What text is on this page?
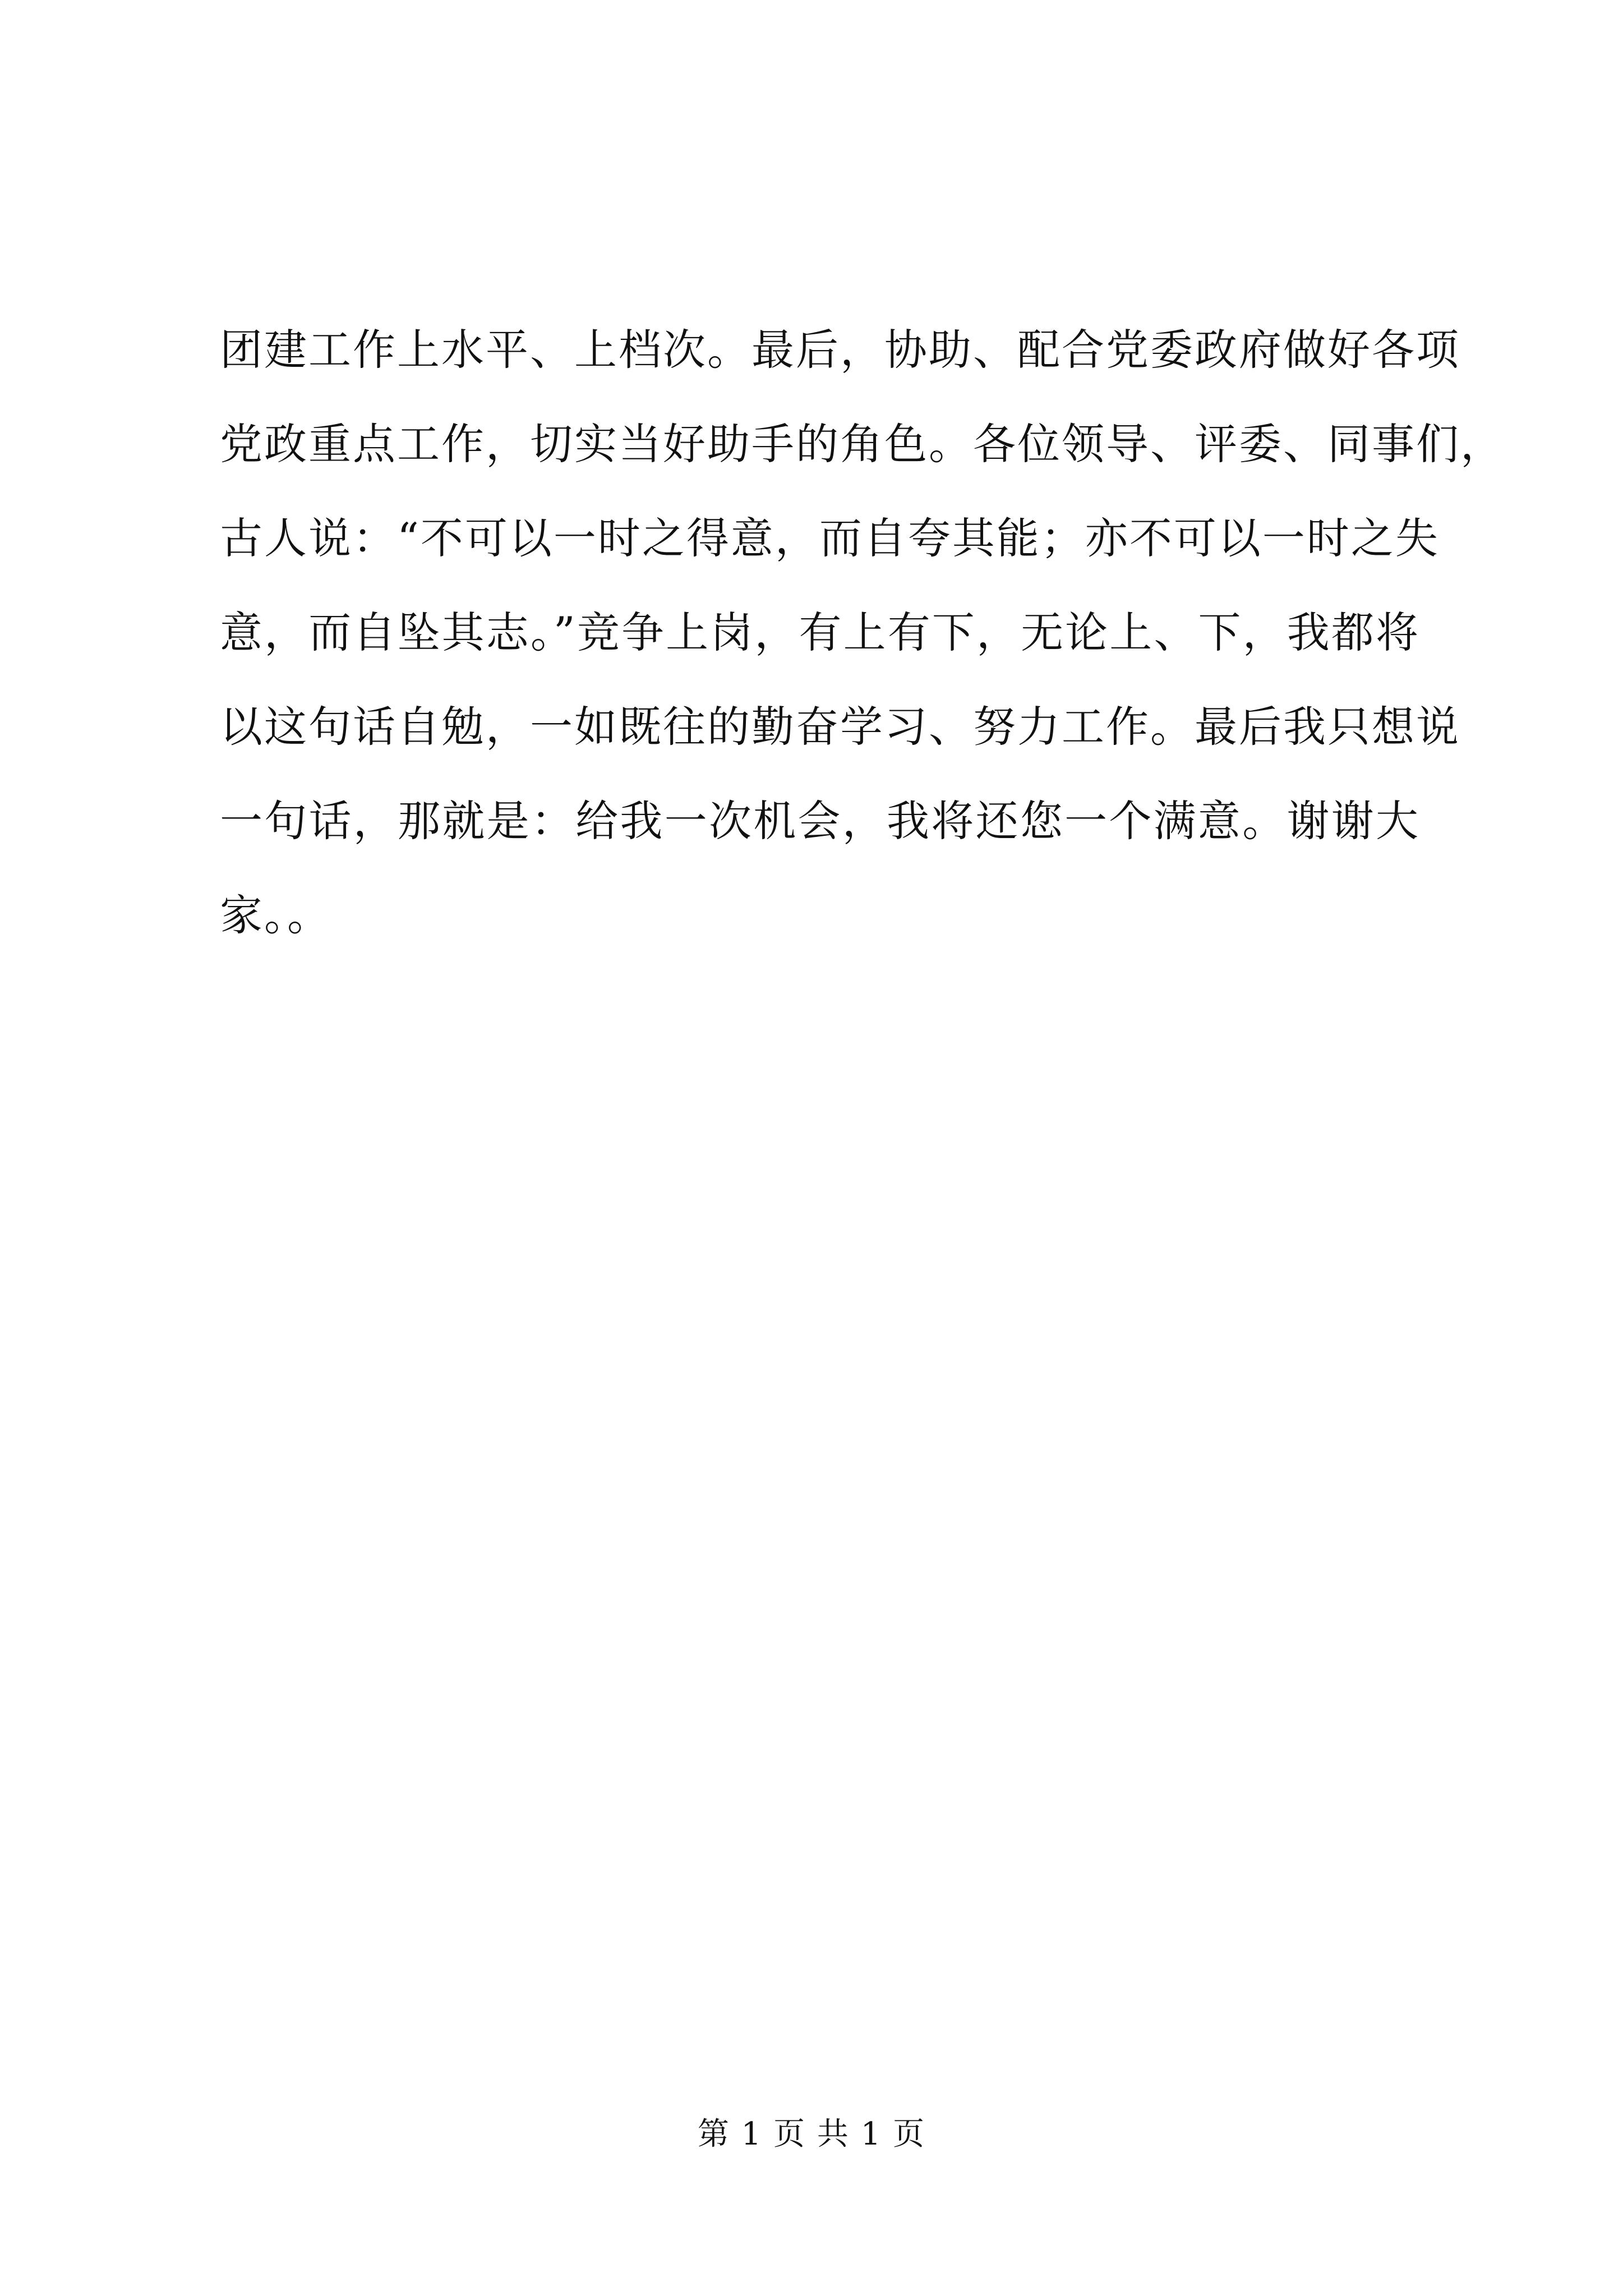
团建工作上水平、上档次。最后，协助、配合党委政府做好各项
党政重点工作，切实当好助手的角色。各位领导、评委、同事们，
古人说：“不可以一时之得意，而自夸其能；亦不可以一时之失
意，而自坠其志。”竞争上岗，有上有下，无论上、下，我都将
以这句话自勉，一如既往的勤奋学习、努力工作。最后我只想说
一句话，那就是：给我一次机会，我将还您一个满意。谢谢大
家。。
第 1 页 共 1 页
